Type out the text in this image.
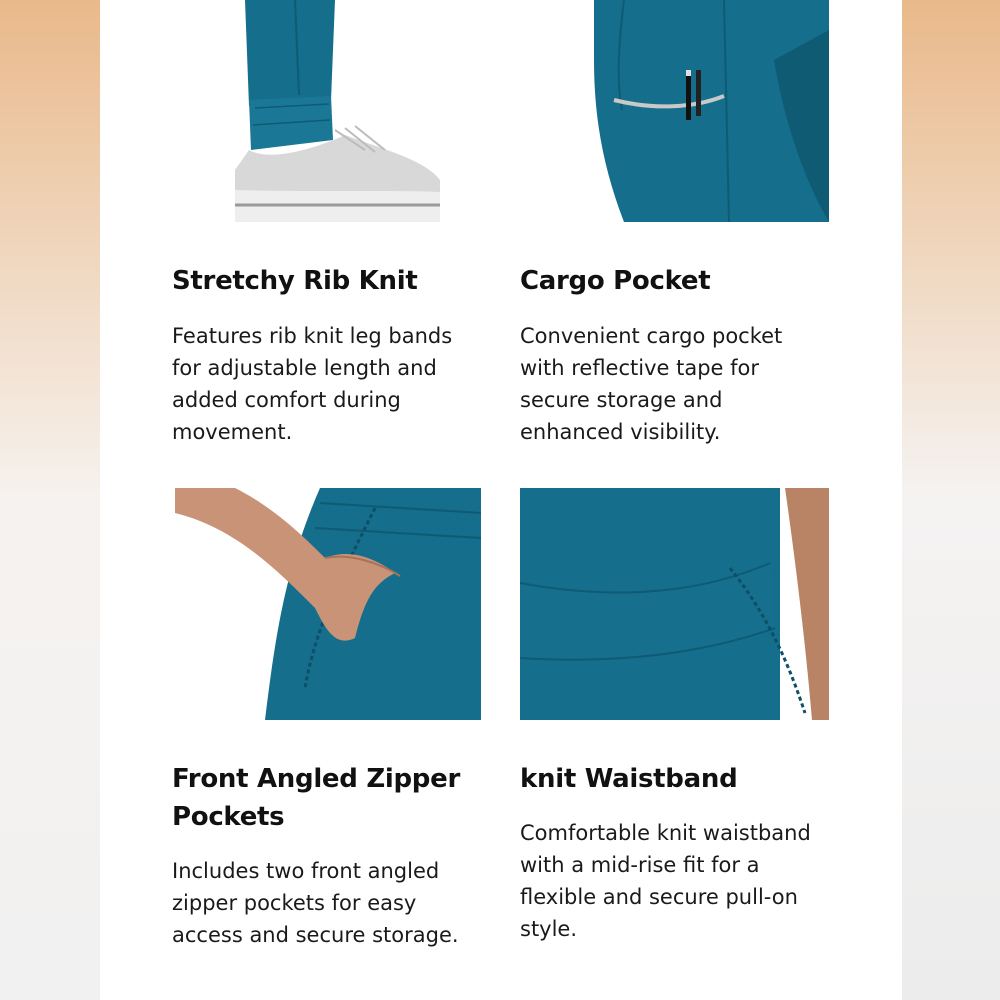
Stretchy Rib Knit

Features rib knit leg bands for adjustable length and added comfort during movement.

Cargo Pocket

Convenient cargo pocket with reflective tape for secure storage and enhanced visibility.

Front Angled Zipper Pockets

Includes two front angled zipper pockets for easy access and secure storage.

knit Waistband

Comfortable knit waistband with a mid-rise fit for a flexible and secure pull-on style.
